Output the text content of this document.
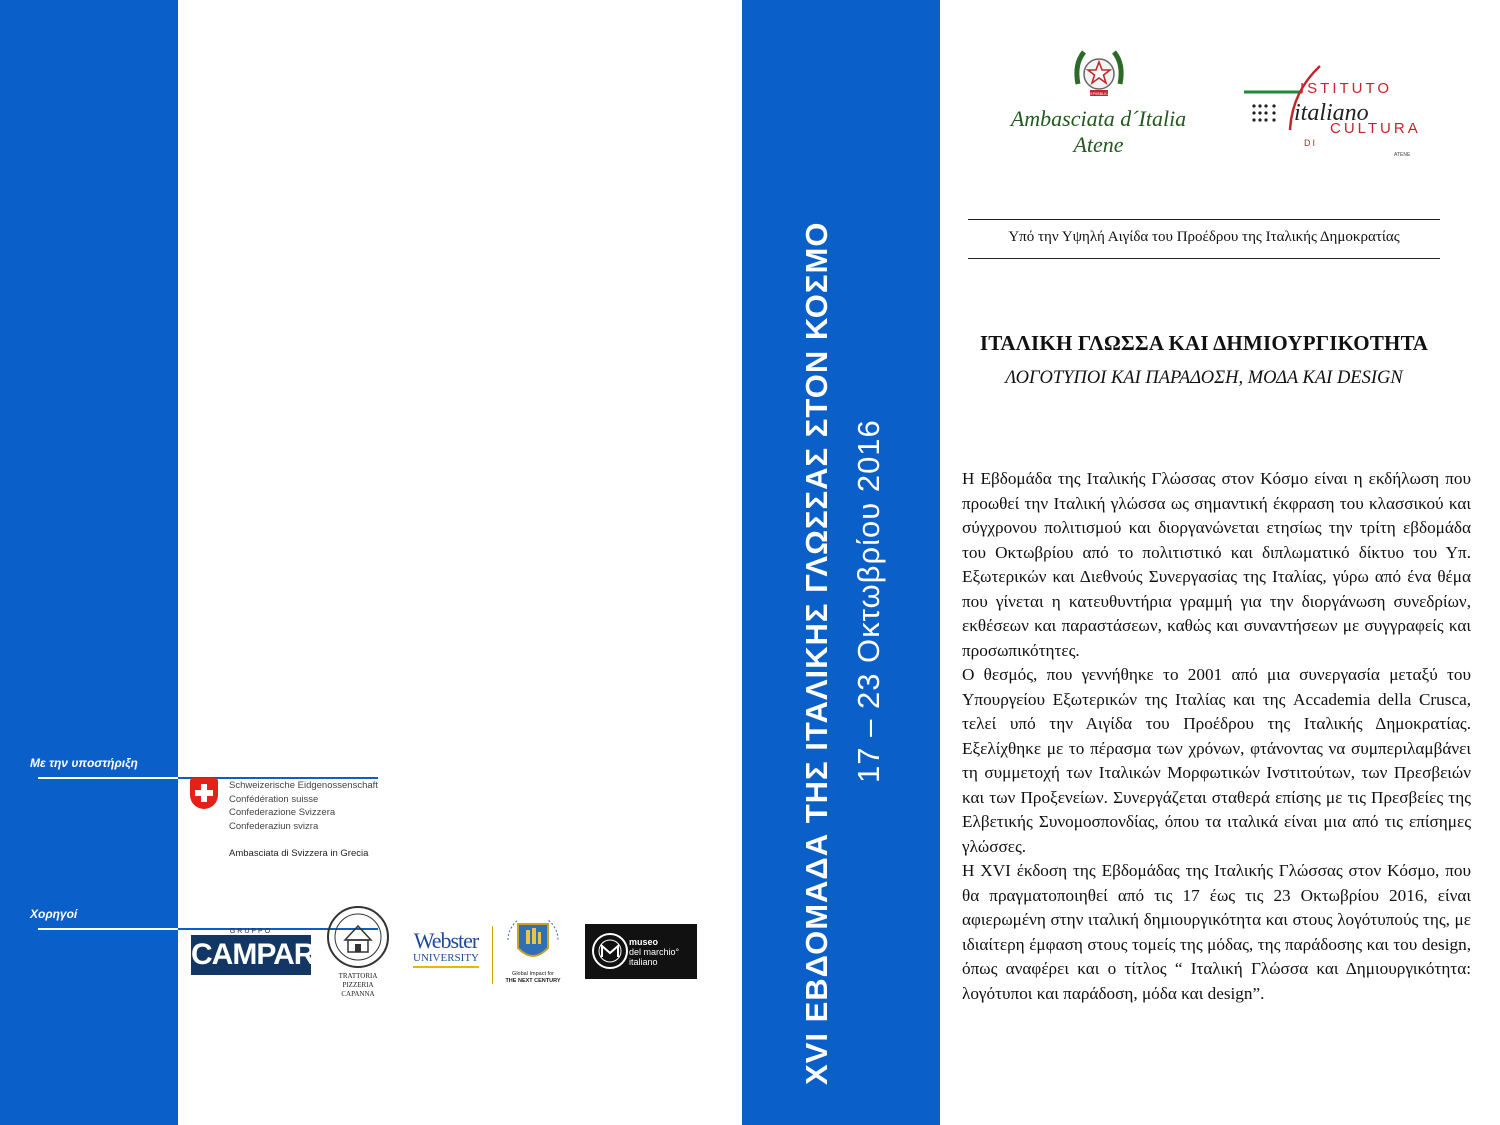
Με την υποστήριξη
Schweizerische Eidgenossenschaft
Confédération suisse
Confederazione Svizzera
Confederaziun svizra
Ambasciata di Svizzera in Grecia
Χορηγοί
GRUPPO
CAMPARI
TRATTORIA PIZZERIA
CAPANNA
Webster
UNIVERSITY
Global Impact for
THE NEXT CENTURY
museo
del marchio°
italiano	XVI ΕΒΔΟΜΑΔΑ ΤΗΣ ΙΤΑΛΙΚΗΣ ΓΛΩΣΣΑΣ ΣΤΟΝ ΚΟΣΜΟ 17 – 23 Οκτωβρίου 2016
REPVBBLICA
Ambasciata d´Italia
Atene
ISTITUTO
italiano
CULTURA
DI
ATENE
Υπό την Υψηλή Αιγίδα του Προέδρου της Ιταλικής Δημοκρατίας
ΙΤΑΛΙΚΗ ΓΛΩΣΣΑ ΚΑΙ ΔΗΜΙΟΥΡΓΙΚΟΤΗΤΑ
ΛΟΓΟΤΥΠΟΙ ΚΑΙ ΠΑΡΑΔΟΣΗ, ΜΟΔΑ ΚΑΙ DESIGN

Η Εβδομάδα της Ιταλικής Γλώσσας στον Κόσμο είναι η εκδήλωση που προωθεί την Ιταλική γλώσσα ως σημαντική έκφραση του κλασσικού και σύγχρονου πολιτισμού και διοργανώνεται ετησίως την τρίτη εβδομάδα του Οκτωβρίου από το πολιτιστικό και διπλωματικό δίκτυο του Υπ. Εξωτερικών και Διεθνούς Συνεργασίας της Ιταλίας, γύρω από ένα θέμα που γίνεται η κατευθυντήρια γραμμή για την διοργάνωση συνεδρίων, εκθέσεων και παραστάσεων, καθώς και συναντήσεων με συγγραφείς και προσωπικότητες.

Ο θεσμός, που γεννήθηκε το 2001 από μια συνεργασία μεταξύ του Υπουργείου Εξωτερικών της Ιταλίας και της Accademia della Crusca, τελεί υπό την Αιγίδα του Προέδρου της Ιταλικής Δημοκρατίας. Εξελίχθηκε με το πέρασμα των χρόνων, φτάνοντας να συμπεριλαμβάνει τη συμμετοχή των Ιταλικών Μορφωτικών Ινστιτούτων, των Πρεσβειών και των Προξενείων. Συνεργάζεται σταθερά επίσης με τις Πρεσβείες της Ελβετικής Συνομοσπονδίας, όπου τα ιταλικά είναι μια από τις επίσημες γλώσσες.

Η XVI έκδοση της Εβδομάδας της Ιταλικής Γλώσσας στον Κόσμο, που θα πραγματοποιηθεί από τις 17 έως τις 23 Οκτωβρίου 2016, είναι αφιερωμένη στην ιταλική δημιουργικότητα και στους λογότυπούς της, με ιδιαίτερη έμφαση στους τομείς της μόδας, της παράδοσης και του design, όπως αναφέρει και ο τίτλος “ Ιταλική Γλώσσα και Δημιουργικότητα: λογότυποι και παράδοση, μόδα και design”.
